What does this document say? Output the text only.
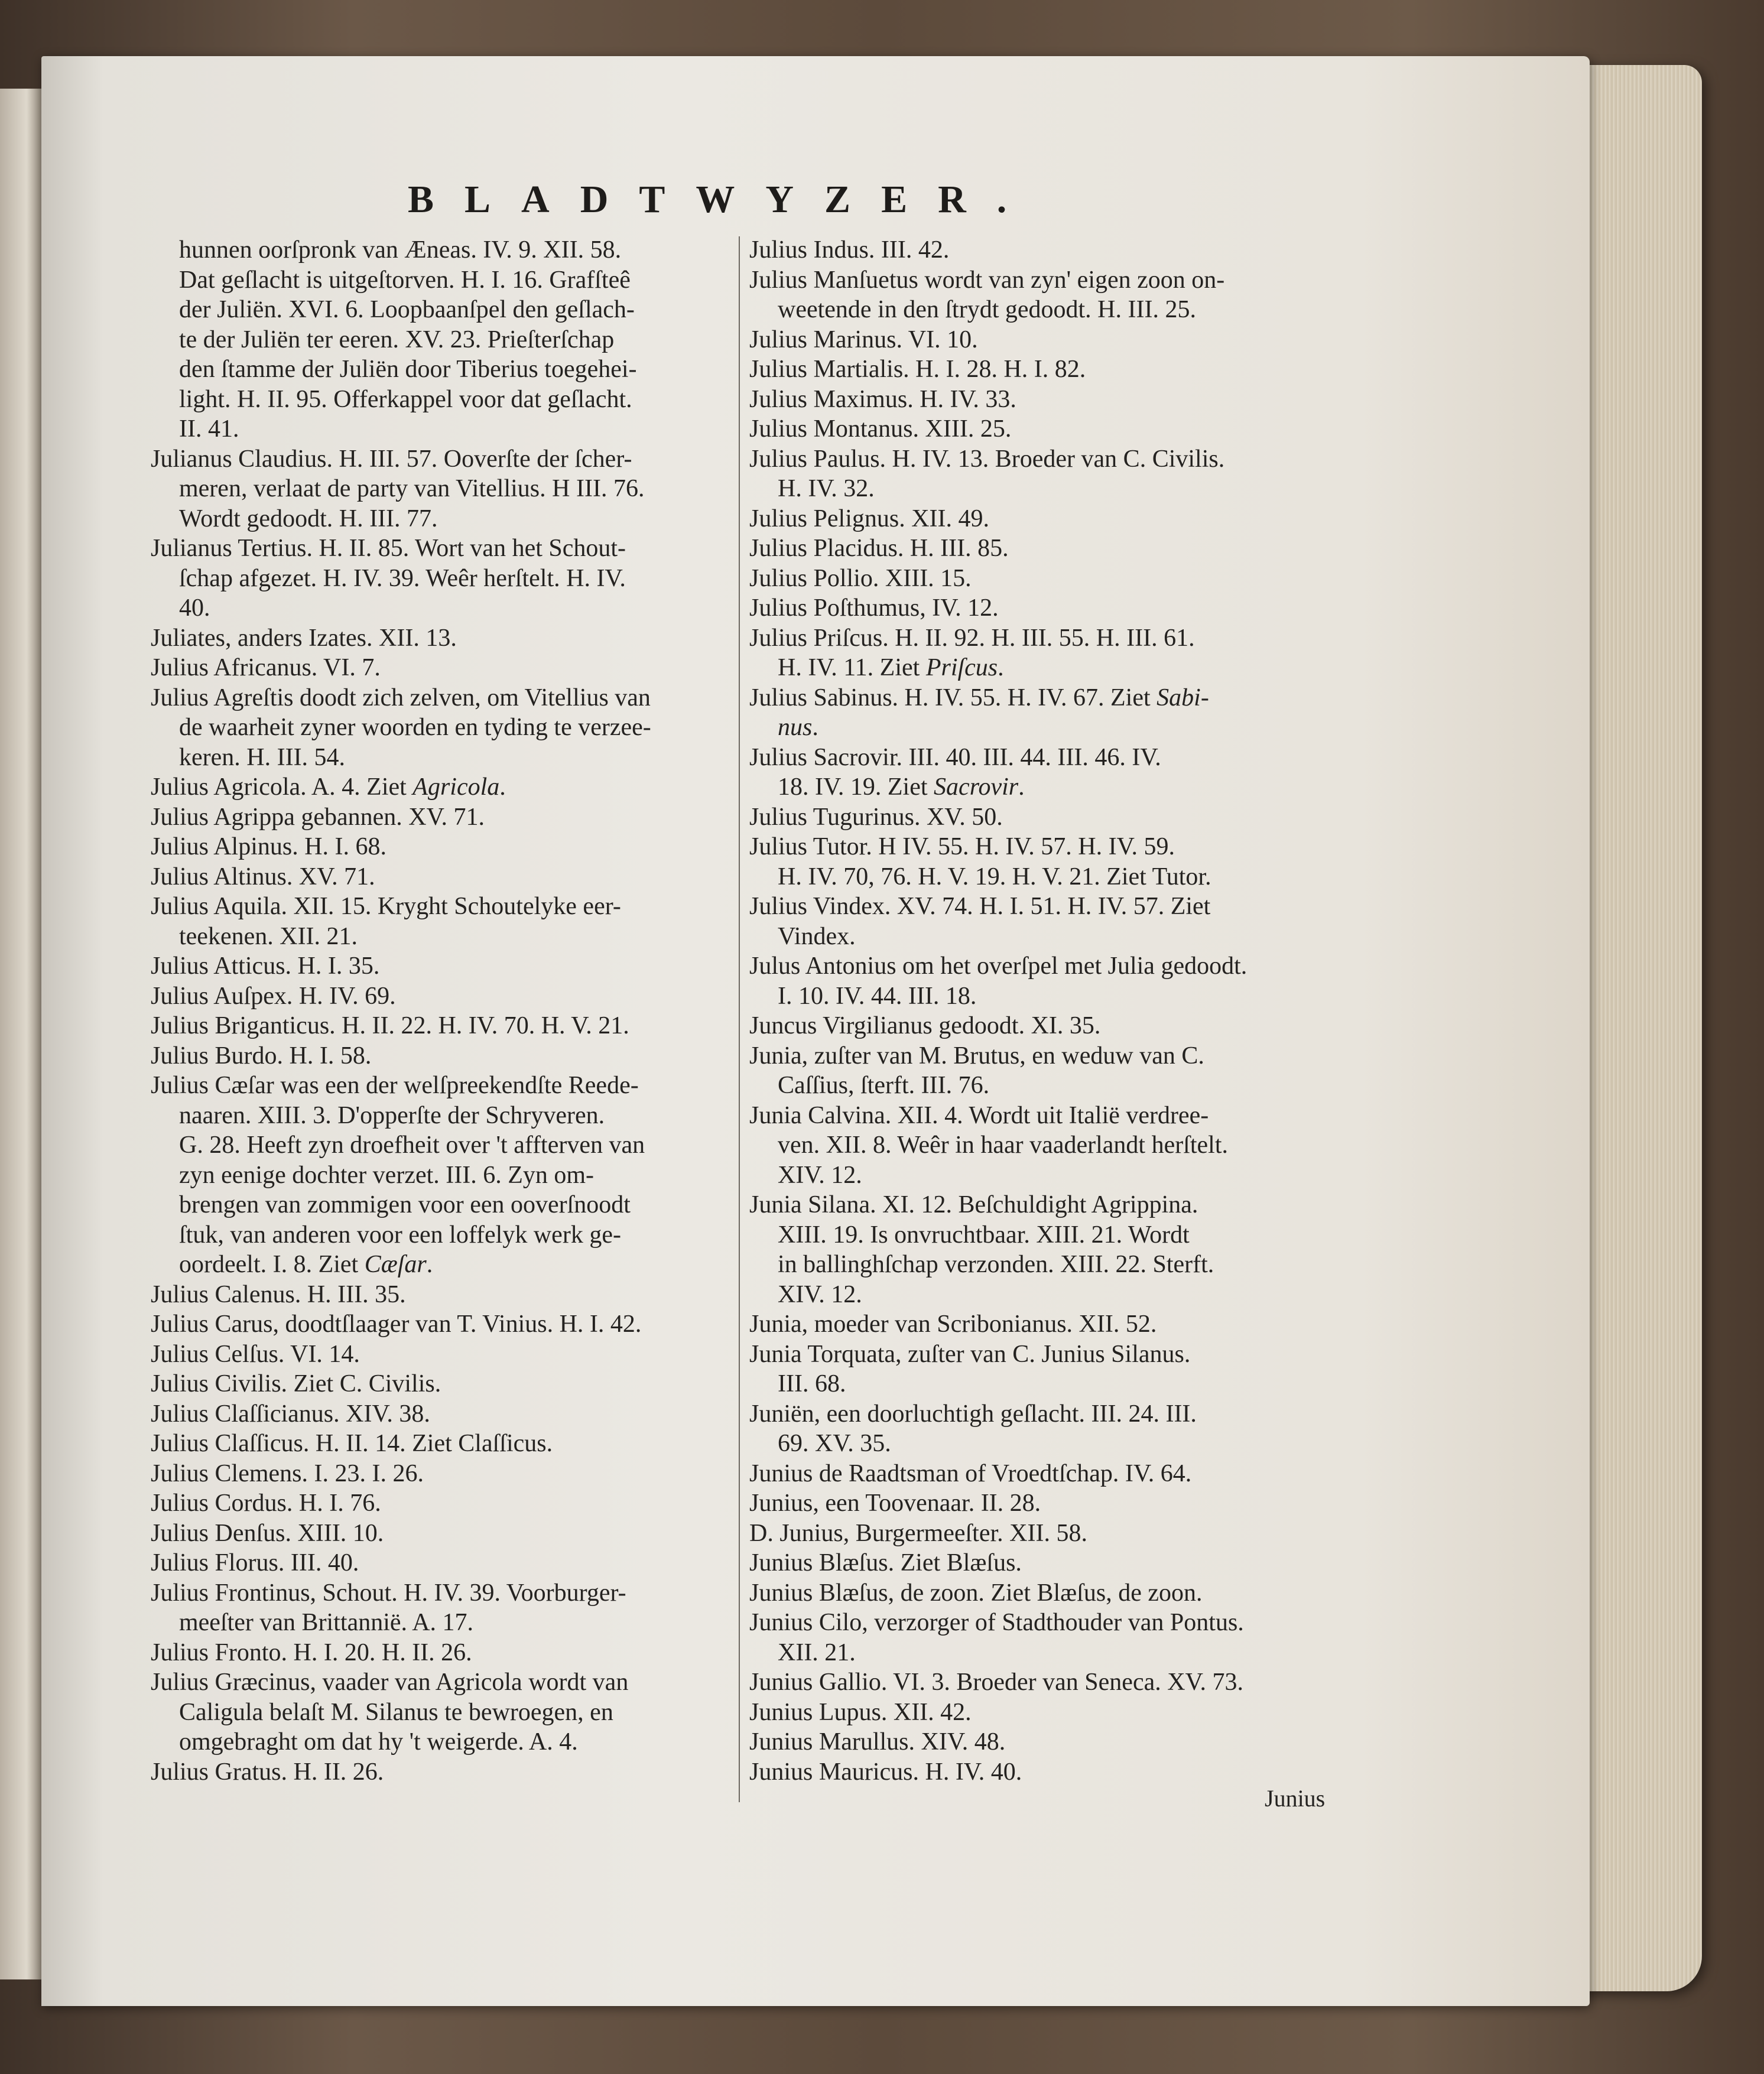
BLADTWYZER.
hunnen oorſpronk van Æneas. IV. 9. XII. 58.
Dat geſlacht is uitgeſtorven. H. I. 16. Grafſteê
der Juliën. XVI. 6. Loopbaanſpel den geſlach-
te der Juliën ter eeren. XV. 23. Prieſterſchap
den ſtamme der Juliën door Tiberius toegehei-
light. H. II. 95. Offerkappel voor dat geſlacht.
II. 41.
Julianus Claudius. H. III. 57. Ooverſte der ſcher-
meren, verlaat de party van Vitellius. H III. 76.
Wordt gedoodt. H. III. 77.
Julianus Tertius. H. II. 85. Wort van het Schout-
ſchap afgezet. H. IV. 39. Weêr herſtelt. H. IV.
40.
Juliates, anders Izates. XII. 13.
Julius Africanus. VI. 7.
Julius Agreſtis doodt zich zelven, om Vitellius van
de waarheit zyner woorden en tyding te verzee-
keren. H. III. 54.
Julius Agricola. A. 4. Ziet Agricola.
Julius Agrippa gebannen. XV. 71.
Julius Alpinus. H. I. 68.
Julius Altinus. XV. 71.
Julius Aquila. XII. 15. Kryght Schoutelyke eer-
teekenen. XII. 21.
Julius Atticus. H. I. 35.
Julius Auſpex. H. IV. 69.
Julius Briganticus. H. II. 22. H. IV. 70. H. V. 21.
Julius Burdo. H. I. 58.
Julius Cæſar was een der welſpreekendſte Reede-
naaren. XIII. 3. D'opperſte der Schryveren.
G. 28. Heeft zyn droefheit over 't affterven van
zyn eenige dochter verzet. III. 6. Zyn om-
brengen van zommigen voor een ooverſnoodt
ſtuk, van anderen voor een loffelyk werk ge-
oordeelt. I. 8. Ziet Cæſar.
Julius Calenus. H. III. 35.
Julius Carus, doodtſlaager van T. Vinius. H. I. 42.
Julius Celſus. VI. 14.
Julius Civilis. Ziet C. Civilis.
Julius Claſſicianus. XIV. 38.
Julius Claſſicus. H. II. 14. Ziet Claſſicus.
Julius Clemens. I. 23. I. 26.
Julius Cordus. H. I. 76.
Julius Denſus. XIII. 10.
Julius Florus. III. 40.
Julius Frontinus, Schout. H. IV. 39. Voorburger-
meeſter van Brittannië. A. 17.
Julius Fronto. H. I. 20. H. II. 26.
Julius Græcinus, vaader van Agricola wordt van
Caligula belaſt M. Silanus te bewroegen, en
omgebraght om dat hy 't weigerde. A. 4.
Julius Gratus. H. II. 26.
Julius Indus. III. 42.
Julius Manſuetus wordt van zyn' eigen zoon on-
weetende in den ſtrydt gedoodt. H. III. 25.
Julius Marinus. VI. 10.
Julius Martialis. H. I. 28. H. I. 82.
Julius Maximus. H. IV. 33.
Julius Montanus. XIII. 25.
Julius Paulus. H. IV. 13. Broeder van C. Civilis.
H. IV. 32.
Julius Pelignus. XII. 49.
Julius Placidus. H. III. 85.
Julius Pollio. XIII. 15.
Julius Poſthumus, IV. 12.
Julius Priſcus. H. II. 92. H. III. 55. H. III. 61.
H. IV. 11. Ziet Priſcus.
Julius Sabinus. H. IV. 55. H. IV. 67. Ziet Sabi-
nus.
Julius Sacrovir. III. 40. III. 44. III. 46. IV.
18. IV. 19. Ziet Sacrovir.
Julius Tugurinus. XV. 50.
Julius Tutor. H IV. 55. H. IV. 57. H. IV. 59.
H. IV. 70, 76. H. V. 19. H. V. 21. Ziet Tutor.
Julius Vindex. XV. 74. H. I. 51. H. IV. 57. Ziet
Vindex.
Julus Antonius om het overſpel met Julia gedoodt.
I. 10. IV. 44. III. 18.
Juncus Virgilianus gedoodt. XI. 35.
Junia, zuſter van M. Brutus, en weduw van C.
Caſſius, ſterft. III. 76.
Junia Calvina. XII. 4. Wordt uit Italië verdree-
ven. XII. 8. Weêr in haar vaaderlandt herſtelt.
XIV. 12.
Junia Silana. XI. 12. Beſchuldight Agrippina.
XIII. 19. Is onvruchtbaar. XIII. 21. Wordt
in ballinghſchap verzonden. XIII. 22. Sterft.
XIV. 12.
Junia, moeder van Scribonianus. XII. 52.
Junia Torquata, zuſter van C. Junius Silanus.
III. 68.
Juniën, een doorluchtigh geſlacht. III. 24. III.
69. XV. 35.
Junius de Raadtsman of Vroedtſchap. IV. 64.
Junius, een Toovenaar. II. 28.
D. Junius, Burgermeeſter. XII. 58.
Junius Blæſus. Ziet Blæſus.
Junius Blæſus, de zoon. Ziet Blæſus, de zoon.
Junius Cilo, verzorger of Stadthouder van Pontus.
XII. 21.
Junius Gallio. VI. 3. Broeder van Seneca. XV. 73.
Junius Lupus. XII. 42.
Junius Marullus. XIV. 48.
Junius Mauricus. H. IV. 40.
Junius
